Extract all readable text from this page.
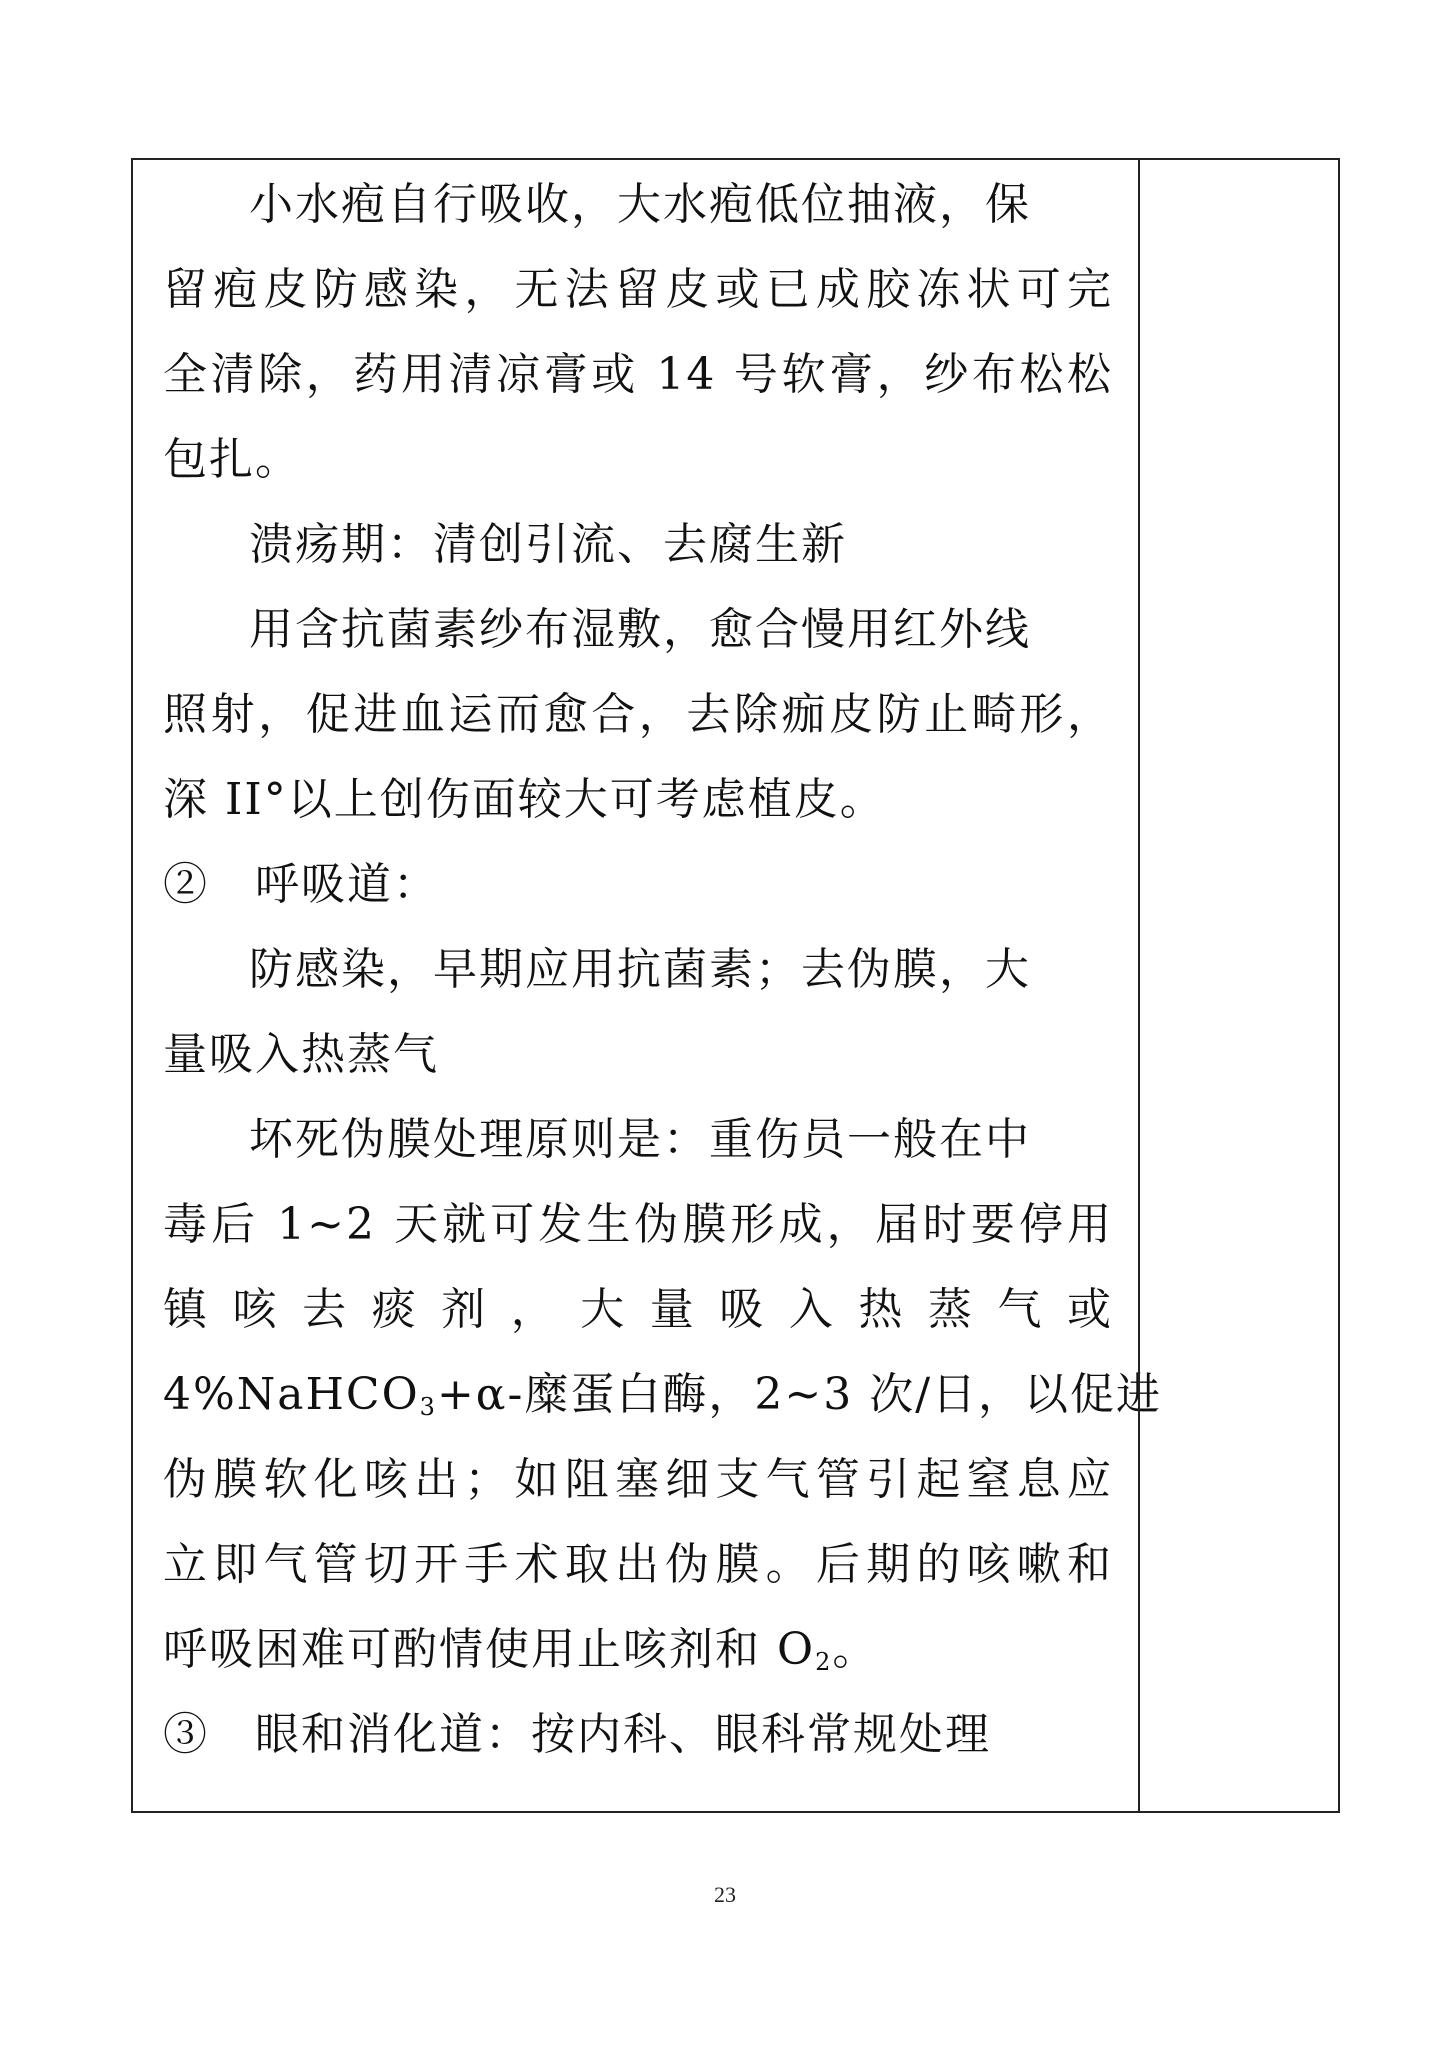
小水疱自行吸收，大水疱低位抽液，保
留疱皮防感染，无法留皮或已成胶冻状可完
全清除，药用清凉膏或 14 号软膏，纱布松松
包扎。
溃疡期：清创引流、去腐生新
用含抗菌素纱布湿敷，愈合慢用红外线
照射，促进血运而愈合，去除痂皮防止畸形，
深 II°以上创伤面较大可考虑植皮。
②　呼吸道：
防感染，早期应用抗菌素；去伪膜，大
量吸入热蒸气
坏死伪膜处理原则是：重伤员一般在中
毒后 1~2 天就可发生伪膜形成，届时要停用
镇咳去痰剂，大量吸入热蒸气或
4%NaHCO$_3$+α-糜蛋白酶，2~3 次/日，以促进
伪膜软化咳出；如阻塞细支气管引起窒息应
立即气管切开手术取出伪膜。后期的咳嗽和
呼吸困难可酌情使用止咳剂和 $O_2$。
③　眼和消化道：按内科、眼科常规处理
23
